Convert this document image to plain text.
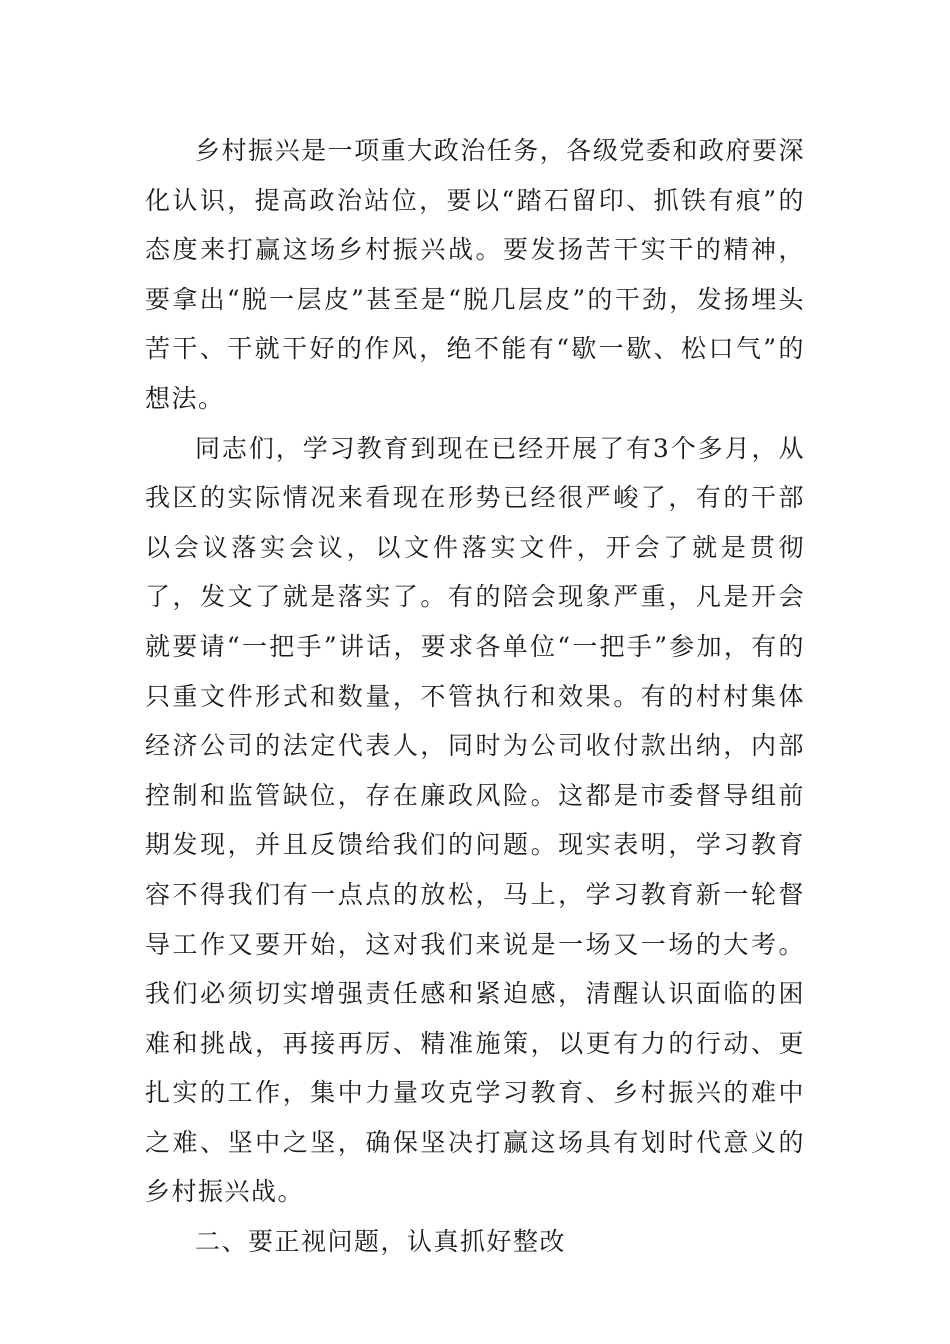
乡村振兴是一项重大政治任务，各级党委和政府要深化认识，提高政治站位，要以“踏石留印、抓铁有痕”的态度来打赢这场乡村振兴战。要发扬苦干实干的精神，要拿出“脱一层皮”甚至是“脱几层皮”的干劲，发扬埋头苦干、干就干好的作风，绝不能有“歇一歇、松口气”的想法。

同志们，学习教育到现在已经开展了有3个多月，从我区的实际情况来看现在形势已经很严峻了，有的干部以会议落实会议，以文件落实文件，开会了就是贯彻了，发文了就是落实了。有的陪会现象严重，凡是开会就要请“一把手”讲话，要求各单位“一把手”参加，有的只重文件形式和数量，不管执行和效果。有的村村集体经济公司的法定代表人，同时为公司收付款出纳，内部控制和监管缺位，存在廉政风险。这都是市委督导组前期发现，并且反馈给我们的问题。现实表明，学习教育容不得我们有一点点的放松，马上，学习教育新一轮督导工作又要开始，这对我们来说是一场又一场的大考。我们必须切实增强责任感和紧迫感，清醒认识面临的困难和挑战，再接再厉、精准施策，以更有力的行动、更扎实的工作，集中力量攻克学习教育、乡村振兴的难中之难、坚中之坚，确保坚决打赢这场具有划时代意义的乡村振兴战。

二、要正视问题，认真抓好整改
